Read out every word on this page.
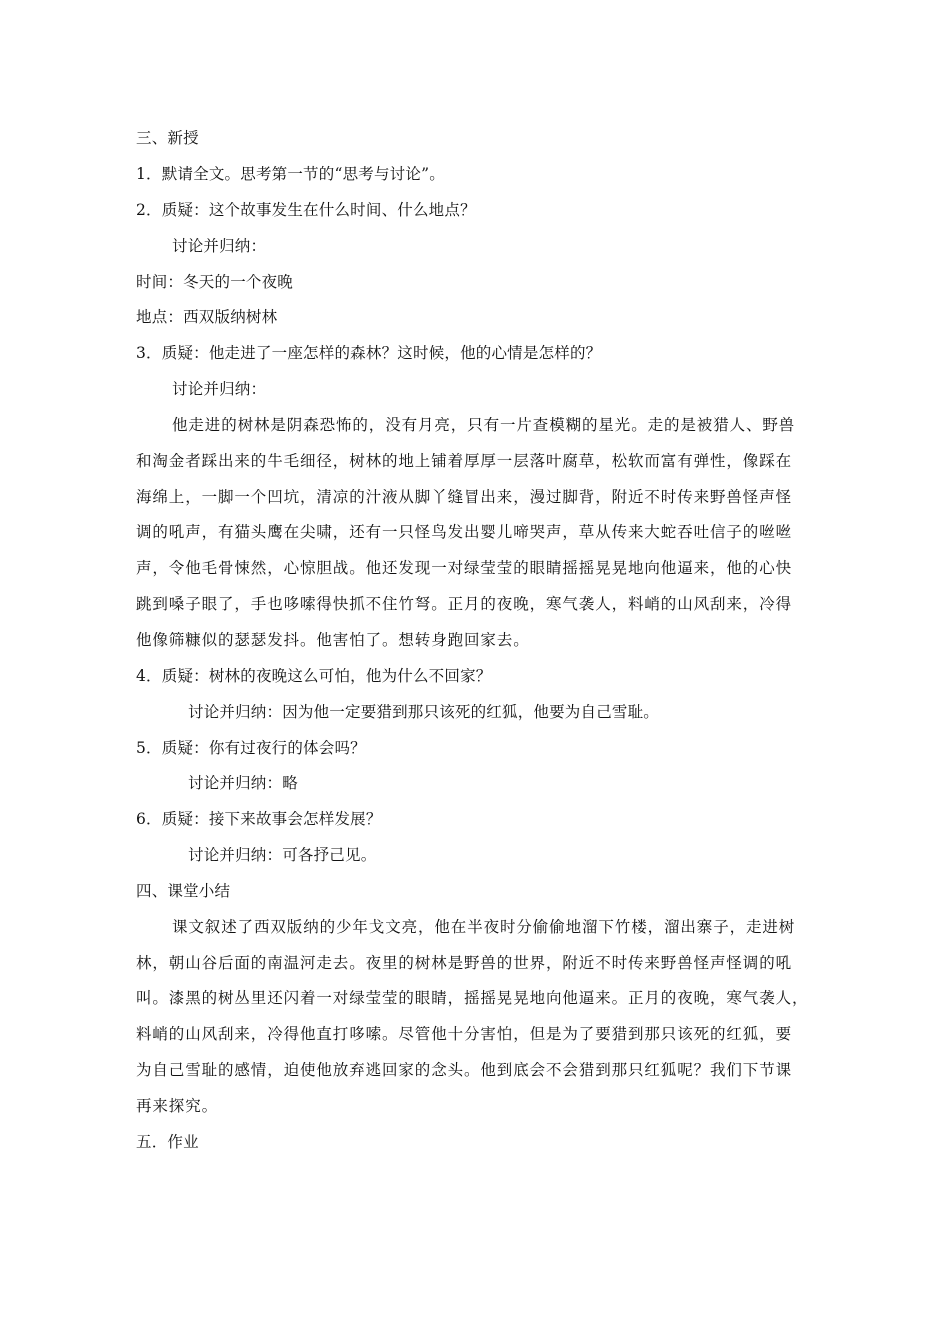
三、新授
1．默请全文。思考第一节的“思考与讨论”。
2．质疑：这个故事发生在什么时间、什么地点？
讨论并归纳：
时间：冬天的一个夜晚
地点：西双版纳树林
3．质疑：他走进了一座怎样的森林？这时候，他的心情是怎样的？
讨论并归纳：
他走进的树林是阴森恐怖的，没有月亮，只有一片查模糊的星光。走的是被猎人、野兽
和淘金者踩出来的牛毛细径，树林的地上铺着厚厚一层落叶腐草，松软而富有弹性，像踩在
海绵上，一脚一个凹坑，清凉的汁液从脚丫缝冒出来，漫过脚背，附近不时传来野兽怪声怪
调的吼声，有猫头鹰在尖啸，还有一只怪鸟发出婴儿啼哭声，草从传来大蛇吞吐信子的咝咝
声，令他毛骨悚然，心惊胆战。他还发现一对绿莹莹的眼睛摇摇晃晃地向他逼来，他的心快
跳到嗓子眼了，手也哆嗦得快抓不住竹弩。正月的夜晚，寒气袭人，料峭的山风刮来，冷得
他像筛糠似的瑟瑟发抖。他害怕了。想转身跑回家去。
4．质疑：树林的夜晚这么可怕，他为什么不回家？
讨论并归纳：因为他一定要猎到那只该死的红狐，他要为自己雪耻。
5．质疑：你有过夜行的体会吗？
讨论并归纳：略
6．质疑：接下来故事会怎样发展？
讨论并归纳：可各抒己见。
四、课堂小结
课文叙述了西双版纳的少年戈文亮，他在半夜时分偷偷地溜下竹楼，溜出寨子，走进树
林，朝山谷后面的南温河走去。夜里的树林是野兽的世界，附近不时传来野兽怪声怪调的吼
叫。漆黑的树丛里还闪着一对绿莹莹的眼睛，摇摇晃晃地向他逼来。正月的夜晚，寒气袭人，
料峭的山风刮来，冷得他直打哆嗦。尽管他十分害怕，但是为了要猎到那只该死的红狐，要
为自己雪耻的感情，迫使他放弃逃回家的念头。他到底会不会猎到那只红狐呢？我们下节课
再来探究。
五．作业
